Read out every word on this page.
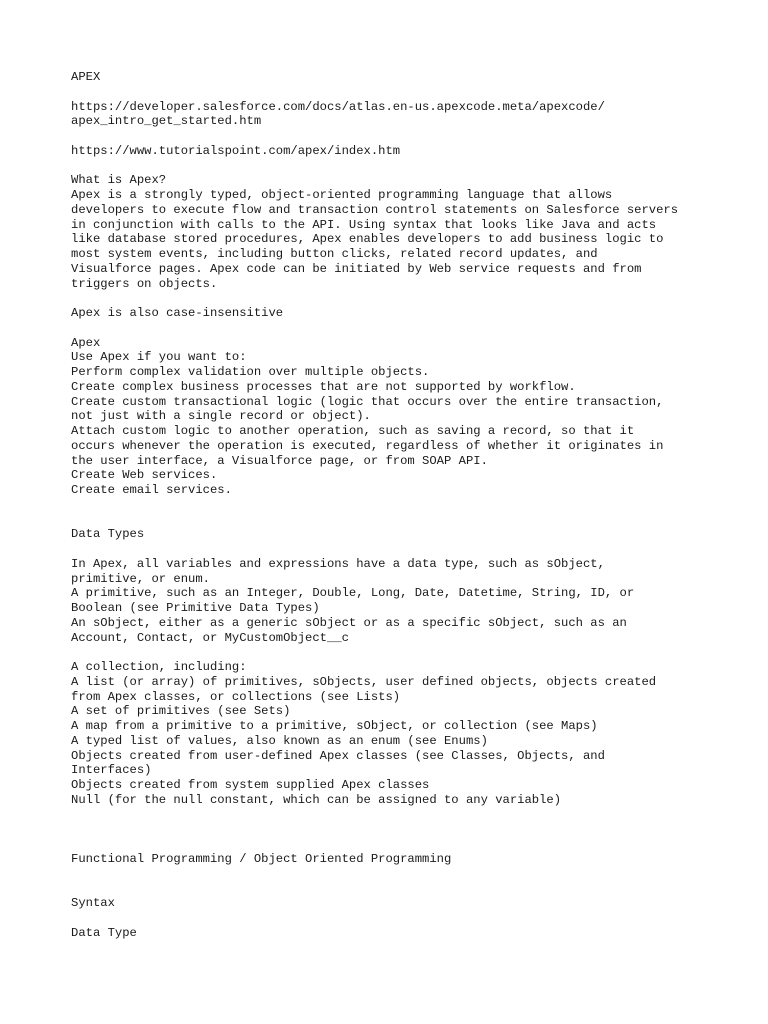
APEX
https://developer.salesforce.com/docs/atlas.en-us.apexcode.meta/apexcode/
apex_intro_get_started.htm
https://www.tutorialspoint.com/apex/index.htm
What is Apex?
Apex is a strongly typed, object-oriented programming language that allows
developers to execute flow and transaction control statements on Salesforce servers
in conjunction with calls to the API. Using syntax that looks like Java and acts
like database stored procedures, Apex enables developers to add business logic to
most system events, including button clicks, related record updates, and
Visualforce pages. Apex code can be initiated by Web service requests and from
triggers on objects.
Apex is also case-insensitive
Apex
Use Apex if you want to:
Perform complex validation over multiple objects.
Create complex business processes that are not supported by workflow.
Create custom transactional logic (logic that occurs over the entire transaction,
not just with a single record or object).
Attach custom logic to another operation, such as saving a record, so that it
occurs whenever the operation is executed, regardless of whether it originates in
the user interface, a Visualforce page, or from SOAP API.
Create Web services.
Create email services.
Data Types
In Apex, all variables and expressions have a data type, such as sObject,
primitive, or enum.
A primitive, such as an Integer, Double, Long, Date, Datetime, String, ID, or
Boolean (see Primitive Data Types)
An sObject, either as a generic sObject or as a specific sObject, such as an
Account, Contact, or MyCustomObject__c
A collection, including:
A list (or array) of primitives, sObjects, user defined objects, objects created
from Apex classes, or collections (see Lists)
A set of primitives (see Sets)
A map from a primitive to a primitive, sObject, or collection (see Maps)
A typed list of values, also known as an enum (see Enums)
Objects created from user-defined Apex classes (see Classes, Objects, and
Interfaces)
Objects created from system supplied Apex classes
Null (for the null constant, which can be assigned to any variable)
Functional Programming / Object Oriented Programming
Syntax
Data Type
